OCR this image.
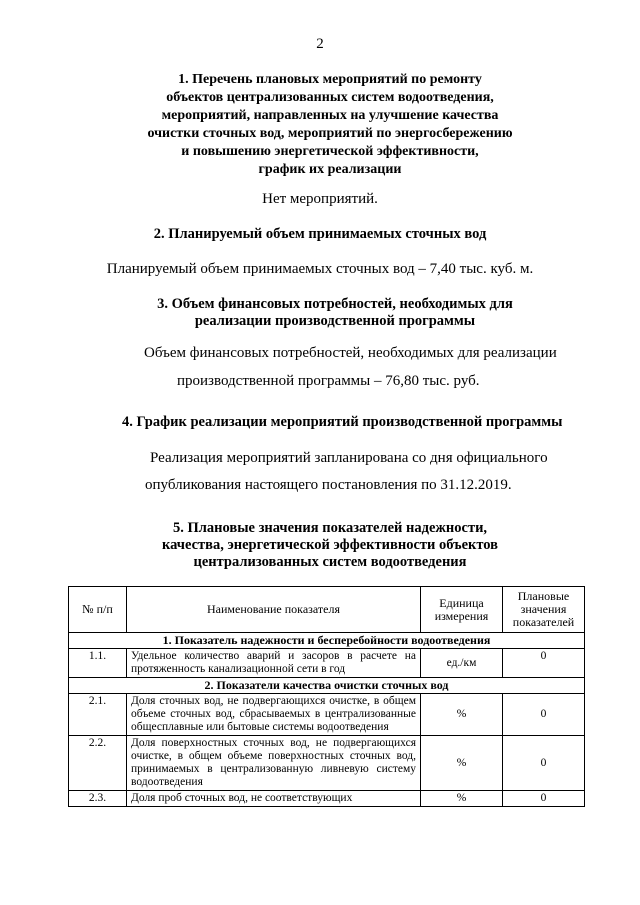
2
1. Перечень плановых мероприятий по ремонту
объектов централизованных систем водоотведения,
мероприятий, направленных на улучшение качества
очистки сточных вод, мероприятий по энергосбережению
и повышению энергетической эффективности,
график их реализации
Нет мероприятий.
2. Планируемый объем принимаемых сточных вод
Планируемый объем принимаемых сточных вод – 7,40 тыс. куб. м.
3. Объем финансовых потребностей, необходимых для
реализации производственной программы
Объем финансовых потребностей, необходимых для реализации
производственной программы – 76,80 тыс. руб.
4. График реализации мероприятий производственной программы
Реализация мероприятий запланирована со дня официального
опубликования настоящего постановления по 31.12.2019.
5. Плановые значения показателей надежности,
качества, энергетической эффективности объектов
централизованных систем водоотведения
№ п/п	Наименование показателя	Единица измерения	Плановые значения показателей
1. Показатель надежности и бесперебойности водоотведения			
1.1.	Удельное количество аварий и засоров в расчете на протяженность канализационной сети в год	ед./км	0
2. Показатели качества очистки сточных вод			
2.1.	Доля сточных вод, не подвергающихся очистке, в общем объеме сточных вод, сбрасываемых в централизованные общесплавные или бытовые системы водоотведения	%	0
2.2.	Доля поверхностных сточных вод, не подвергающихся очистке, в общем объеме поверхностных сточных вод, принимаемых в централизованную ливневую систему водоотведения	%	0
2.3.	Доля проб сточных вод, не соответствующих	%	0
